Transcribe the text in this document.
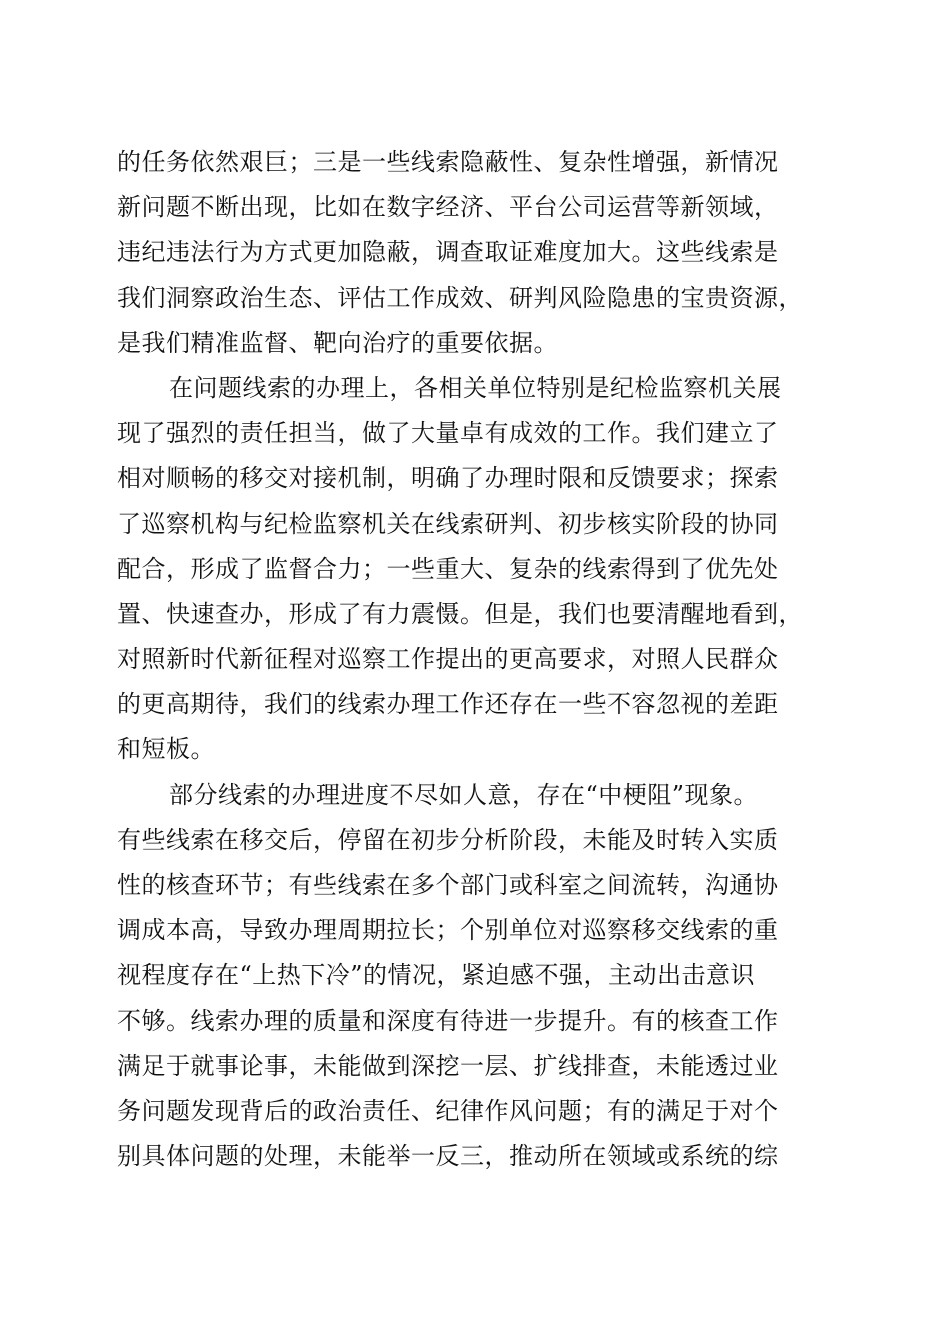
的任务依然艰巨；三是一些线索隐蔽性、复杂性增强，新情况
新问题不断出现，比如在数字经济、平台公司运营等新领域，
违纪违法行为方式更加隐蔽，调查取证难度加大。这些线索是
我们洞察政治生态、评估工作成效、研判风险隐患的宝贵资源，
是我们精准监督、靶向治疗的重要依据。
在问题线索的办理上，各相关单位特别是纪检监察机关展
现了强烈的责任担当，做了大量卓有成效的工作。我们建立了
相对顺畅的移交对接机制，明确了办理时限和反馈要求；探索
了巡察机构与纪检监察机关在线索研判、初步核实阶段的协同
配合，形成了监督合力；一些重大、复杂的线索得到了优先处
置、快速查办，形成了有力震慑。但是，我们也要清醒地看到，
对照新时代新征程对巡察工作提出的更高要求，对照人民群众
的更高期待，我们的线索办理工作还存在一些不容忽视的差距
和短板。
部分线索的办理进度不尽如人意，存在“中梗阻”现象。
有些线索在移交后，停留在初步分析阶段，未能及时转入实质
性的核查环节；有些线索在多个部门或科室之间流转，沟通协
调成本高，导致办理周期拉长；个别单位对巡察移交线索的重
视程度存在“上热下冷”的情况，紧迫感不强，主动出击意识
不够。线索办理的质量和深度有待进一步提升。有的核查工作
满足于就事论事，未能做到深挖一层、扩线排查，未能透过业
务问题发现背后的政治责任、纪律作风问题；有的满足于对个
别具体问题的处理，未能举一反三，推动所在领域或系统的综
